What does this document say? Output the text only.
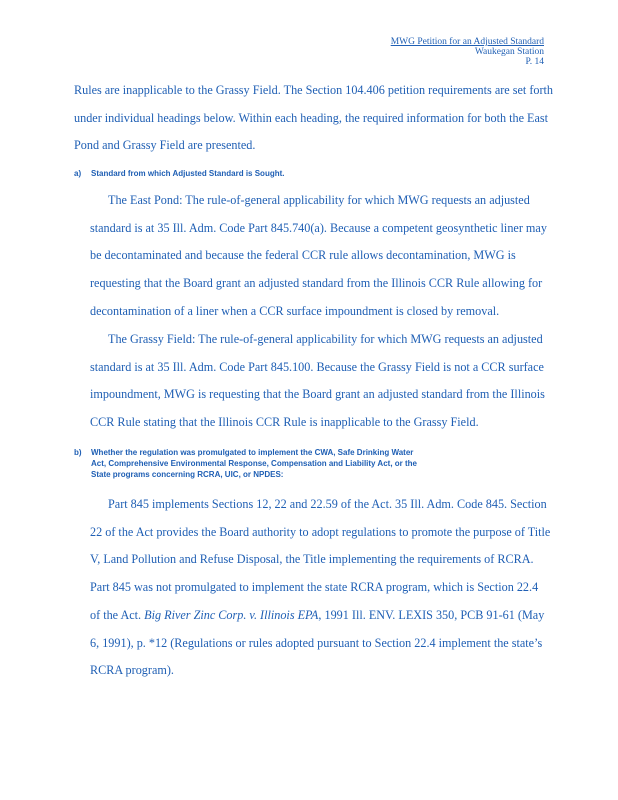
MWG Petition for an Adjusted Standard
Waukegan Station
P. 14
Rules are inapplicable to the Grassy Field. The Section 104.406 petition requirements are set forth
under individual headings below. Within each heading, the required information for both the East
Pond and Grassy Field are presented.
a) Standard from which Adjusted Standard is Sought.
The East Pond: The rule-of-general applicability for which MWG requests an adjusted
standard is at 35 Ill. Adm. Code Part 845.740(a). Because a competent geosynthetic liner may
be decontaminated and because the federal CCR rule allows decontamination, MWG is
requesting that the Board grant an adjusted standard from the Illinois CCR Rule allowing for
decontamination of a liner when a CCR surface impoundment is closed by removal.
The Grassy Field: The rule-of-general applicability for which MWG requests an adjusted
standard is at 35 Ill. Adm. Code Part 845.100. Because the Grassy Field is not a CCR surface
impoundment, MWG is requesting that the Board grant an adjusted standard from the Illinois
CCR Rule stating that the Illinois CCR Rule is inapplicable to the Grassy Field.
b) Whether the regulation was promulgated to implement the CWA, Safe Drinking Water
Act, Comprehensive Environmental Response, Compensation and Liability Act, or the
State programs concerning RCRA, UIC, or NPDES:
Part 845 implements Sections 12, 22 and 22.59 of the Act. 35 Ill. Adm. Code 845. Section
22 of the Act provides the Board authority to adopt regulations to promote the purpose of Title
V, Land Pollution and Refuse Disposal, the Title implementing the requirements of RCRA.
Part 845 was not promulgated to implement the state RCRA program, which is Section 22.4
of the Act. Big River Zinc Corp. v. Illinois EPA, 1991 Ill. ENV. LEXIS 350, PCB 91-61 (May
6, 1991), p. *12 (Regulations or rules adopted pursuant to Section 22.4 implement the state’s
RCRA program).
